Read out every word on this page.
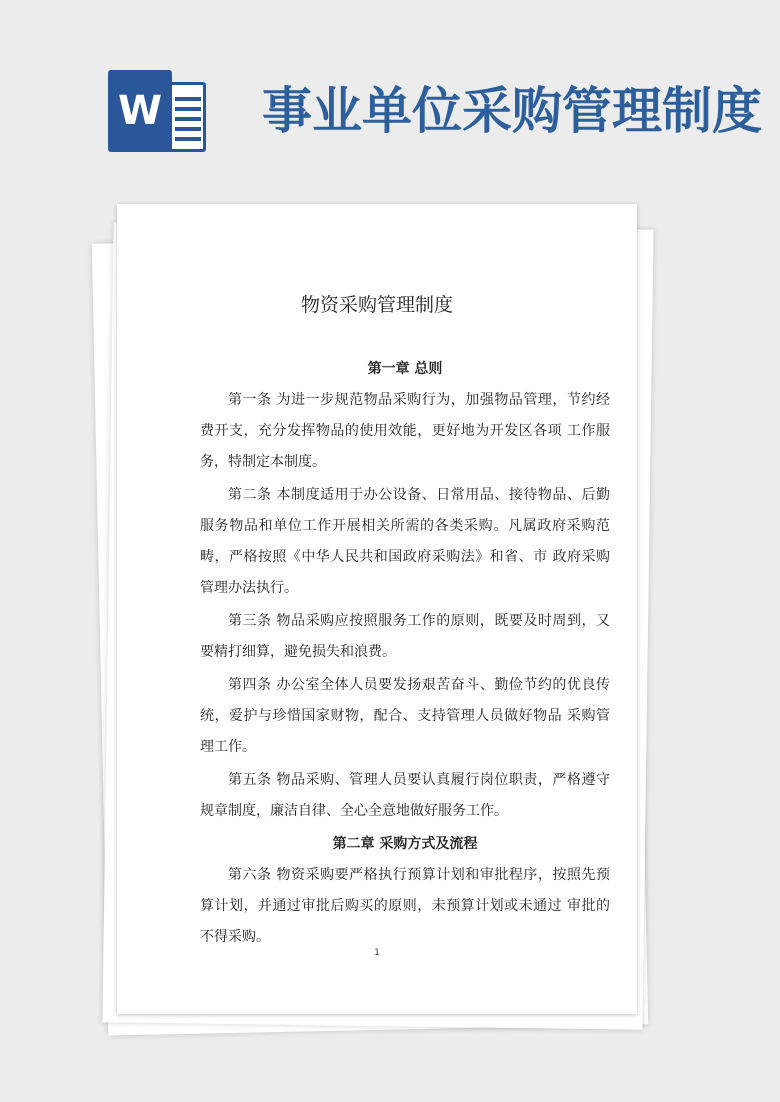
W 事业单位采购管理制度
物资采购管理制度

第一章 总则

第一条 为进一步规范物品采购行为，加强物品管理，节约经费开支，充分发挥物品的使用效能，更好地为开发区各项 工作服务，特制定本制度。

第二条 本制度适用于办公设备、日常用品、接待物品、后勤服务物品和单位工作开展相关所需的各类采购。凡属政府采购范畴，严格按照《中华人民共和国政府采购法》和省、市 政府采购管理办法执行。

第三条 物品采购应按照服务工作的原则，既要及时周到，又要精打细算，避免损失和浪费。

第四条 办公室全体人员要发扬艰苦奋斗、勤俭节约的优良传统，爱护与珍惜国家财物，配合、支持管理人员做好物品 采购管理工作。

第五条 物品采购、管理人员要认真履行岗位职责，严格遵守规章制度，廉洁自律、全心全意地做好服务工作。

第二章 采购方式及流程

第六条 物资采购要严格执行预算计划和审批程序，按照先预算计划，并通过审批后购买的原则，未预算计划或未通过 审批的不得采购。

1
